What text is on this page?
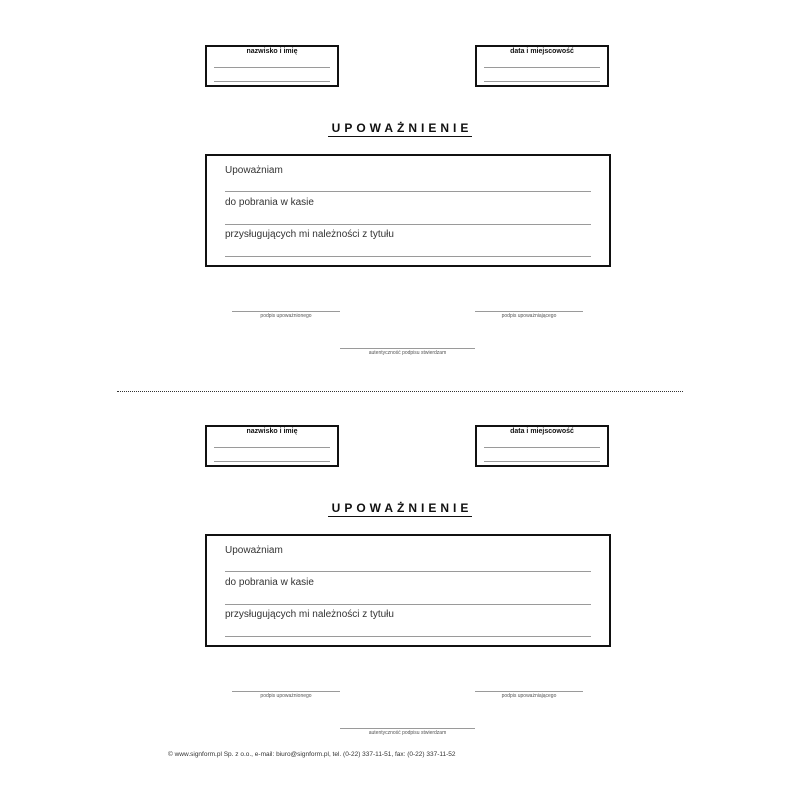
nazwisko i imię	data i miejscowość
UPOWAŻNIENIE
Upoważniam
do pobrania w kasie
przysługujących mi należności z tytułu
podpis upoważnionego	podpis upoważniającego
autentyczność podpisu stwierdzam
nazwisko i imię	data i miejscowość
UPOWAŻNIENIE
Upoważniam
do pobrania w kasie
przysługujących mi należności z tytułu
podpis upoważnionego	podpis upoważniającego
autentyczność podpisu stwierdzam
© www.signform.pl Sp. z o.o., e-mail: biuro@signform.pl, tel. (0-22) 337-11-51, fax: (0-22) 337-11-52
